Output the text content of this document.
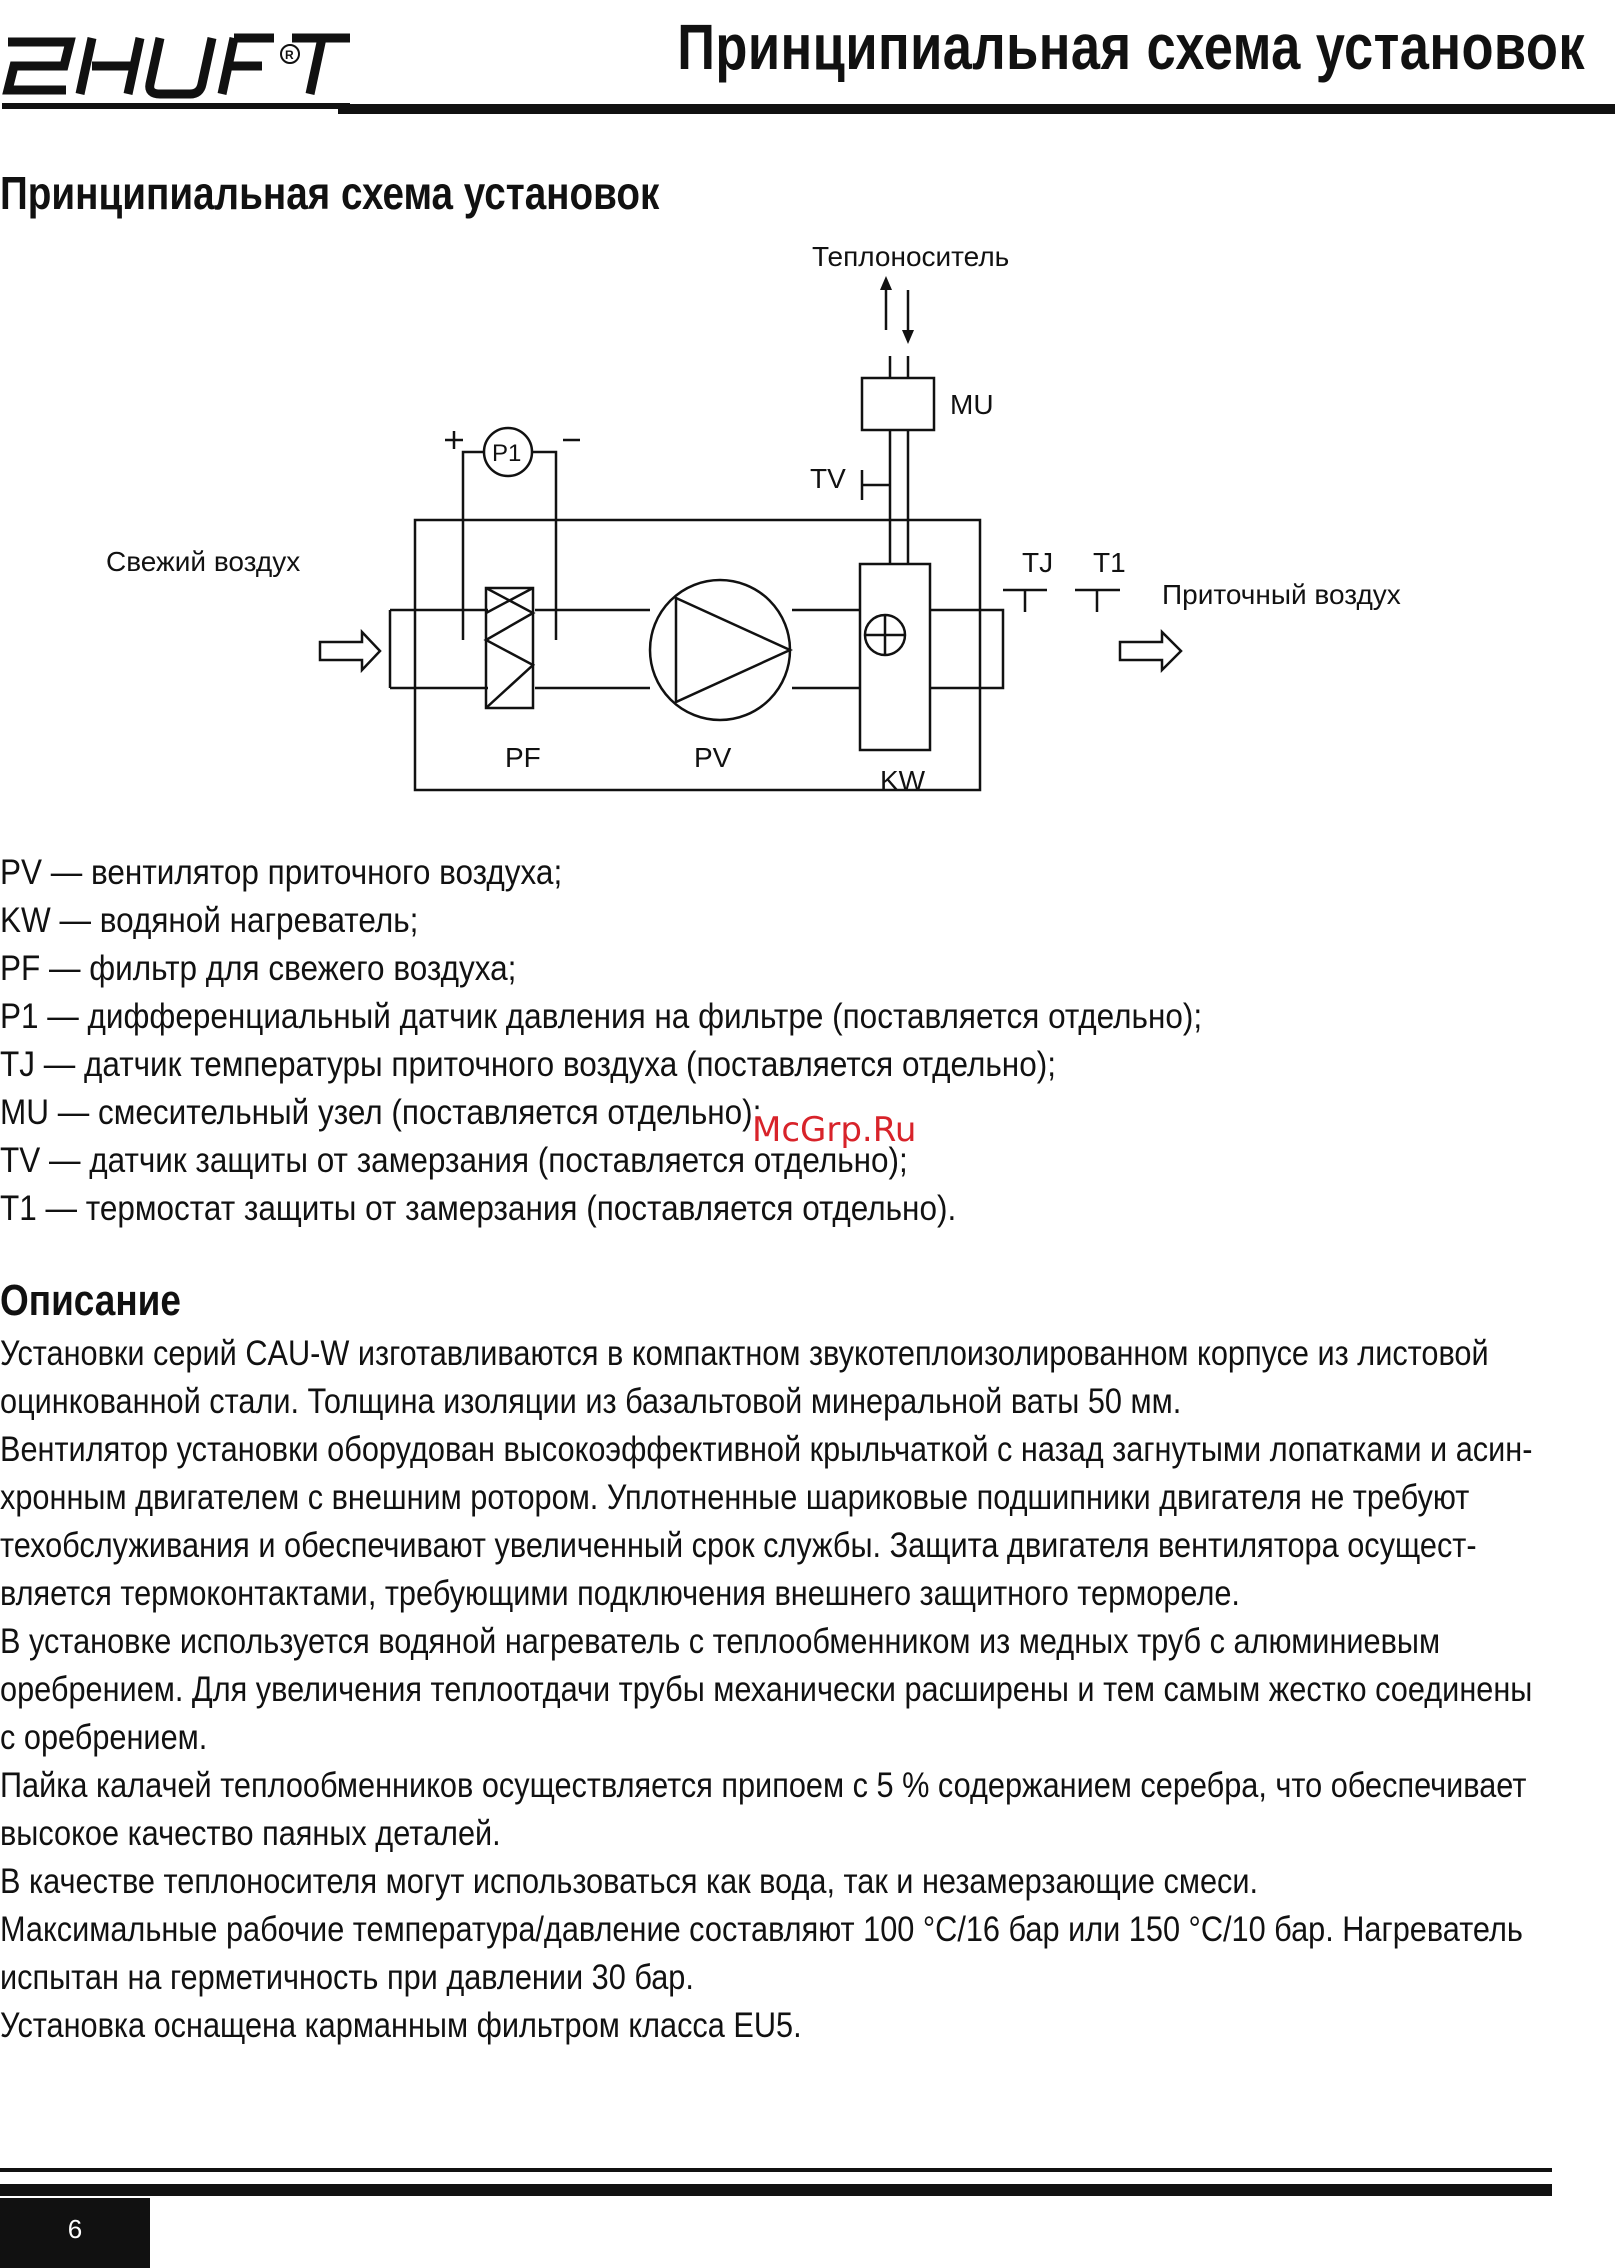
R	Принципиальная схема установок
Принципиальная схема установок
Теплоноситель
Свежий воздух
Приточный воздух
MU
TV
P1
TJ T1
PF	PV
KW
PV — вентилятор приточного воздуха;
KW — водяной нагреватель;
PF — фильтр для свежего воздуха;
P1 — дифференциальный датчик давления на фильтре (поставляется отдельно);
TJ — датчик температуры приточного воздуха (поставляется отдельно);
MU — смесительный узел (поставляется отдельно);
TV — датчик защиты от замерзания (поставляется отдельно);
T1 — термостат защиты от замерзания (поставляется отдельно).
McGrp.Ru
Описание
Установки серий CAU-W изготавливаются в компактном звукотеплоизолированном корпусе из листовой
оцинкованной стали. Толщина изоляции из базальтовой минеральной ваты 50 мм.
Вентилятор установки оборудован высокоэффективной крыльчаткой с назад загнутыми лопатками и асин-
хронным двигателем с внешним ротором. Уплотненные шариковые подшипники двигателя не требуют
техобслуживания и обеспечивают увеличенный срок службы. Защита двигателя вентилятора осущест-
вляется термоконтактами, требующими подключения внешнего защитного термореле.
В установке используется водяной нагреватель с теплообменником из медных труб с алюминиевым
оребрением. Для увеличения теплоотдачи трубы механически расширены и тем самым жестко соединены
с оребрением.
Пайка калачей теплообменников осуществляется припоем с 5 % содержанием серебра, что обеспечивает
высокое качество паяных деталей.
В качестве теплоносителя могут использоваться как вода, так и незамерзающие смеси.
Максимальные рабочие температура/давление составляют 100 °С/16 бар или 150 °С/10 бар. Нагреватель
испытан на герметичность при давлении 30 бар.
Установка оснащена карманным фильтром класса EU5.
6
